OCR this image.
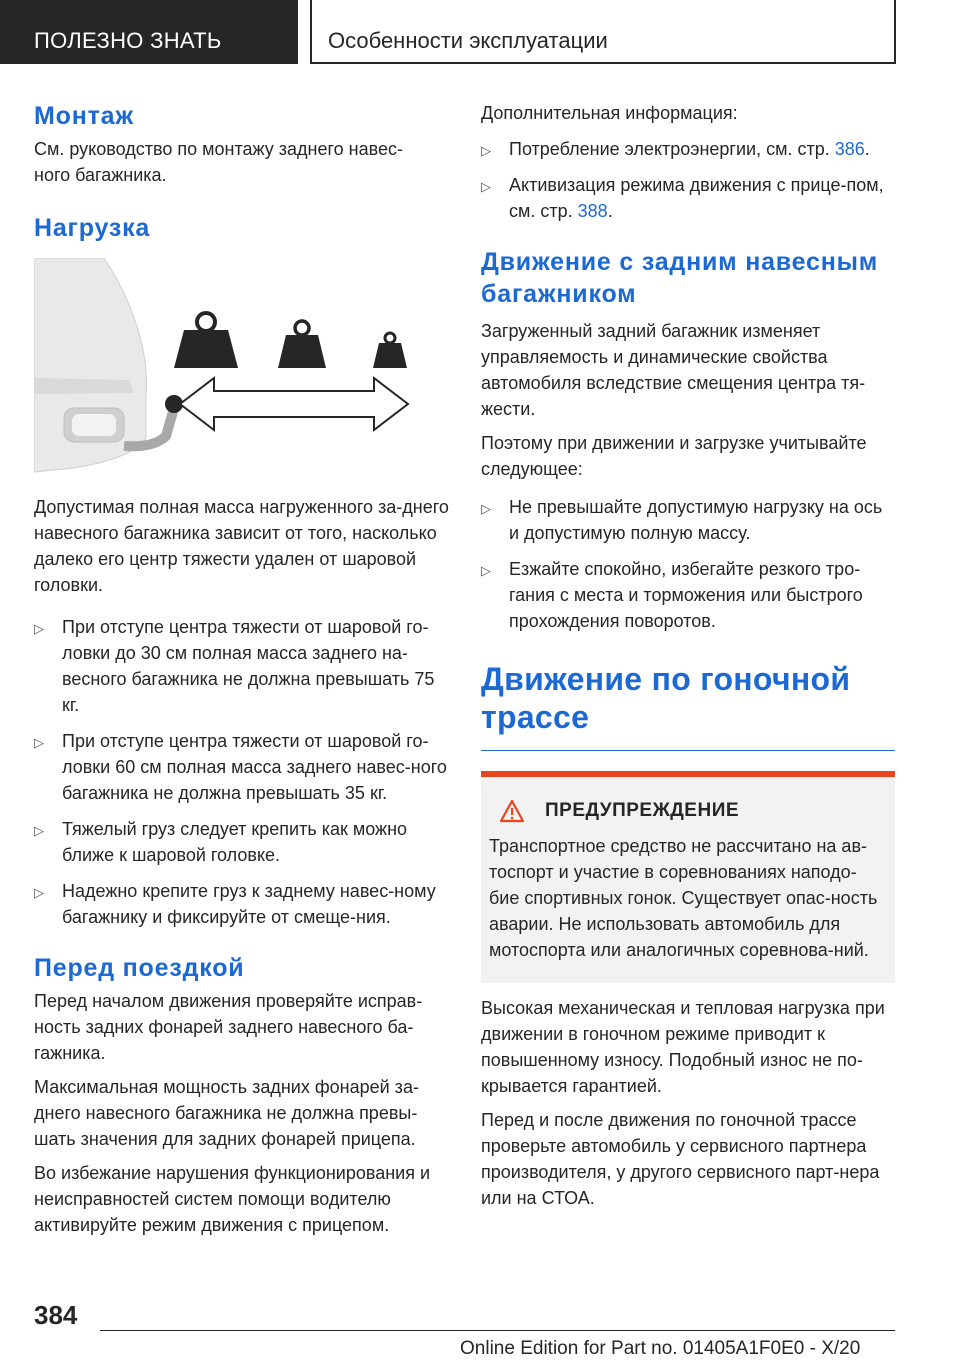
ПОЛЕЗНО ЗНАТЬ	Особенности эксплуатации
Монтаж

См. руководство по монтажу заднего навес-ного багажника.

Нагрузка

Допустимая полная масса нагруженного за-днего навесного багажника зависит от того, насколько далеко его центр тяжести удален от шаровой головки.

▷ При отступе центра тяжести от шаровой го-ловки до 30 см полная масса заднего на-весного багажника не должна превышать 75 кг.
▷ При отступе центра тяжести от шаровой го-ловки 60 см полная масса заднего навес-ного багажника не должна превышать 35 кг.
▷ Тяжелый груз следует крепить как можно ближе к шаровой головке.
▷ Надежно крепите груз к заднему навес-ному багажнику и фиксируйте от смеще-ния.
Перед поездкой

Перед началом движения проверяйте исправ-ность задних фонарей заднего навесного ба-гажника.

Максимальная мощность задних фонарей за-днего навесного багажника не должна превы-шать значения для задних фонарей прицепа.

Во избежание нарушения функционирования и неисправностей систем помощи водителю активируйте режим движения с прицепом.

Дополнительная информация:

▷ Потребление электроэнергии, см. стр. 386.
▷ Активизация режима движения с прице-пом, см. стр. 388.
Движение с задним навесным багажником

Загруженный задний багажник изменяет управляемость и динамические свойства автомобиля вследствие смещения центра тя-жести.

Поэтому при движении и загрузке учитывайте следующее:

▷ Не превышайте допустимую нагрузку на ось и допустимую полную массу.
▷ Езжайте спокойно, избегайте резкого тро-гания с места и торможения или быстрого прохождения поворотов.
Движение по гоночной трассе
ПРЕДУПРЕЖДЕНИЕ

Транспортное средство не рассчитано на ав-тоспорт и участие в соревнованиях наподо-бие спортивных гонок. Существует опас-ность аварии. Не использовать автомобиль для мотоспорта или аналогичных соревнова-ний.

Высокая механическая и тепловая нагрузка при движении в гоночном режиме приводит к повышенному износу. Подобный износ не по-крывается гарантией.

Перед и после движения по гоночной трассе проверьте автомобиль у сервисного партнера производителя, у другого сервисного парт-нера или на СТОА.

384
Online Edition for Part no. 01405A1F0E0 - X/20
